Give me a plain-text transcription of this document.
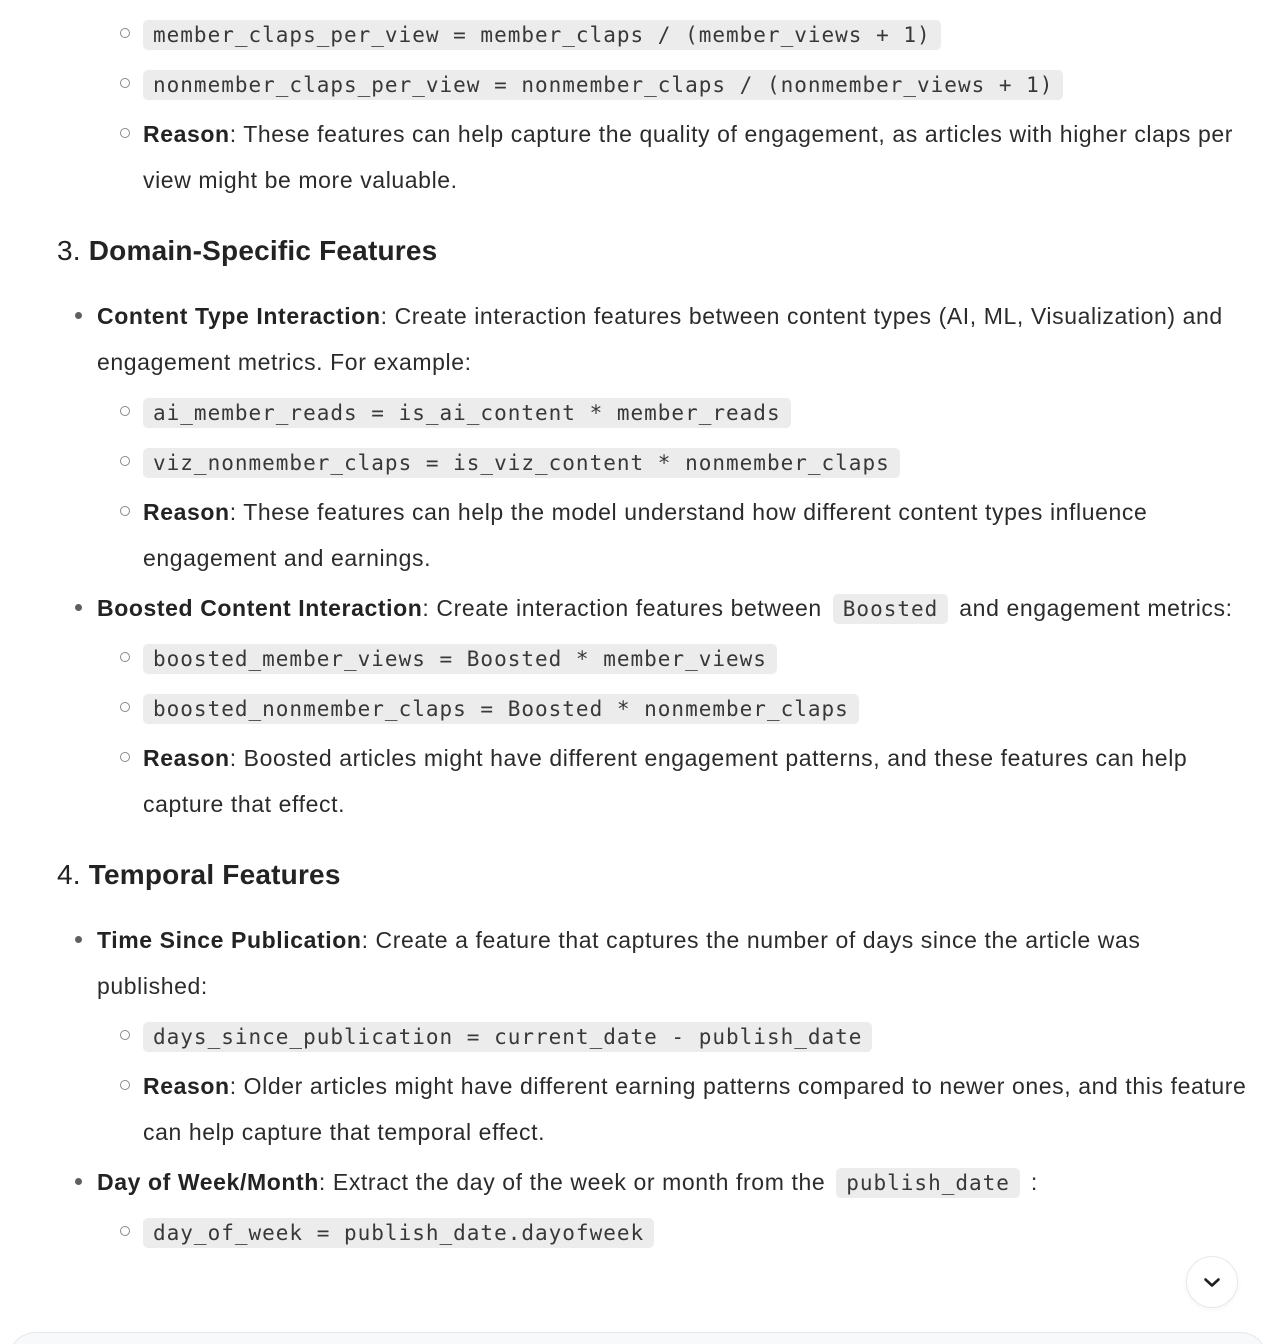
member_claps_per_view = member_claps / (member_views + 1)
nonmember_claps_per_view = nonmember_claps / (nonmember_views + 1)
Reason: These features can help capture the quality of engagement, as articles with higher claps per view might be more valuable.
3. Domain-Specific Features
Content Type Interaction: Create interaction features between content types (AI, ML, Visualization) and engagement metrics. For example:
ai_member_reads = is_ai_content * member_reads
viz_nonmember_claps = is_viz_content * nonmember_claps
Reason: These features can help the model understand how different content types influence engagement and earnings.
Boosted Content Interaction: Create interaction features between Boosted and engagement metrics:
boosted_member_views = Boosted * member_views
boosted_nonmember_claps = Boosted * nonmember_claps
Reason: Boosted articles might have different engagement patterns, and these features can help capture that effect.
4. Temporal Features
Time Since Publication: Create a feature that captures the number of days since the article was published:
days_since_publication = current_date - publish_date
Reason: Older articles might have different earning patterns compared to newer ones, and this feature can help capture that temporal effect.
Day of Week/Month: Extract the day of the week or month from the publish_date :
day_of_week = publish_date.dayofweek
